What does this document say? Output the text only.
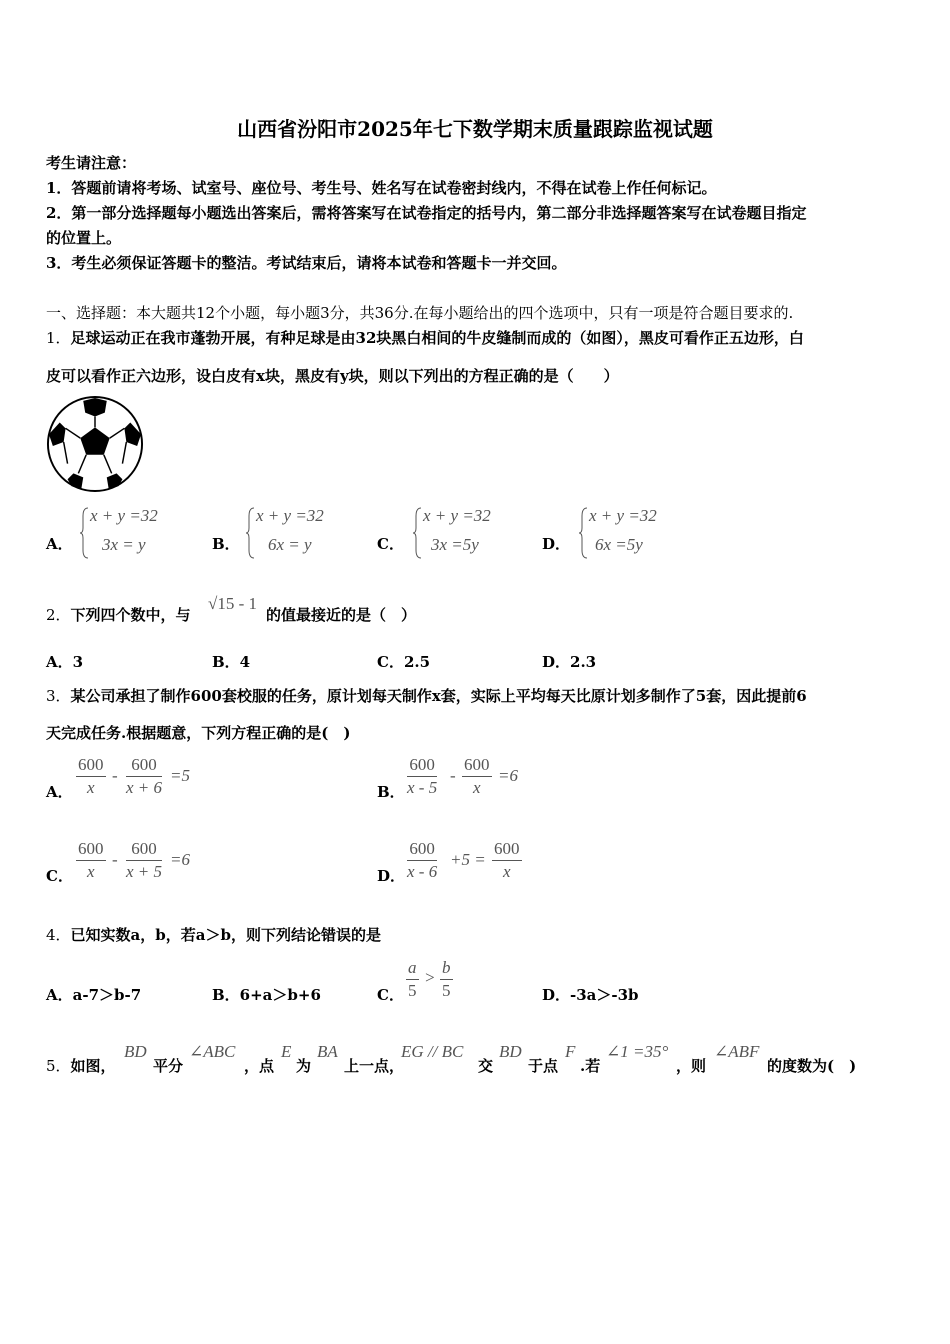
山西省汾阳市2025年七下数学期末质量跟踪监视试题
考生请注意：
1．答题前请将考场、试室号、座位号、考生号、姓名写在试卷密封线内，不得在试卷上作任何标记。
2．第一部分选择题每小题选出答案后，需将答案写在试卷指定的括号内，第二部分非选择题答案写在试卷题目指定
的位置上。
3．考生必须保证答题卡的整洁。考试结束后，请将本试卷和答题卡一并交回。
一、选择题：本大题共12个小题，每小题3分，共36分.在每小题给出的四个选项中，只有一项是符合题目要求的.
1．足球运动正在我市蓬勃开展，有种足球是由32块黑白相间的牛皮缝制而成的（如图），黑皮可看作正五边形，白
皮可以看作正六边形，设白皮有x块，黑皮有y块，则以下列出的方程正确的是（　　）
A．
x + y =32
3x = y	B．
x + y =32
6x = y	C．
x + y =32
3x =5y	D．
x + y =32
6x =5y
2．下列四个数中，与
√15 - 1
的值最接近的是（　）
A．3	B．4	C．2.5	D．2.3
3．某公司承担了制作600套校服的任务，原计划每天制作x套，实际上平均每天比原计划多制作了5套，因此提前6
天完成任务.根据题意，下列方程正确的是(　)
A． $\frac{600}{x} - \frac{600}{x + 6} =5$
B． $\frac{600}{x - 5} - \frac{600}{x} =6$
C． $\frac{600}{x} - \frac{600}{x + 5} =6$
D． $\frac{600}{x - 6} +5 = \frac{600}{x}$
4．已知实数a，b，若a＞b，则下列结论错误的是
A．a-7＞b-7	B．6+a＞b+6	C． $\frac{a}{5} > \frac{b}{5}$	D．-3a＞-3b
5．如图，
BD
平分
∠ABC
，点
E
为
BA
上一点，
EG // BC
交
BD
于点
F
.若
∠1 =35°
，则
∠ABF
的度数为(　)
